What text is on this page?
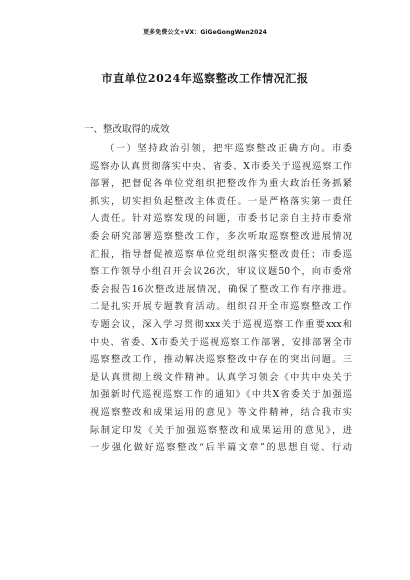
更多免费公文+VX：GiGeGongWen2024
市直单位2024年巡察整改工作情况汇报
一、整改取得的成效
（一）坚持政治引领，把牢巡察整改正确方向。市委
巡察办认真贯彻落实中央、省委、X市委关于巡视巡察工作
部署，把督促各单位党组织把整改作为重大政治任务抓紧
抓实，切实担负起整改主体责任。一是严格落实第一责任
人责任。针对巡察发现的问题，市委书记亲自主持市委常
委会研究部署巡察整改工作，多次听取巡察整改进展情况
汇报，指导督促被巡察单位党组织落实整改责任；市委巡
察工作领导小组召开会议26次，审议议题50个，向市委常
委会报告16次整改进展情况，确保了整改工作有序推进。
二是扎实开展专题教育活动。组织召开全市巡察整改工作
专题会议，深入学习贯彻xxx关于巡视巡察工作重要xxx和
中央、省委、X市委关于巡视巡察工作部署，安排部署全市
巡察整改工作，推动解决巡察整改中存在的突出问题。三
是认真贯彻上级文件精神。认真学习领会《中共中央关于
加强新时代巡视巡察工作的通知》《中共X省委关于加强巡
视巡察整改和成果运用的意见》等文件精神，结合我市实
际制定印发《关于加强巡察整改和成果运用的意见》，进
一步强化做好巡察整改“后半篇文章”的思想自觉、行动
